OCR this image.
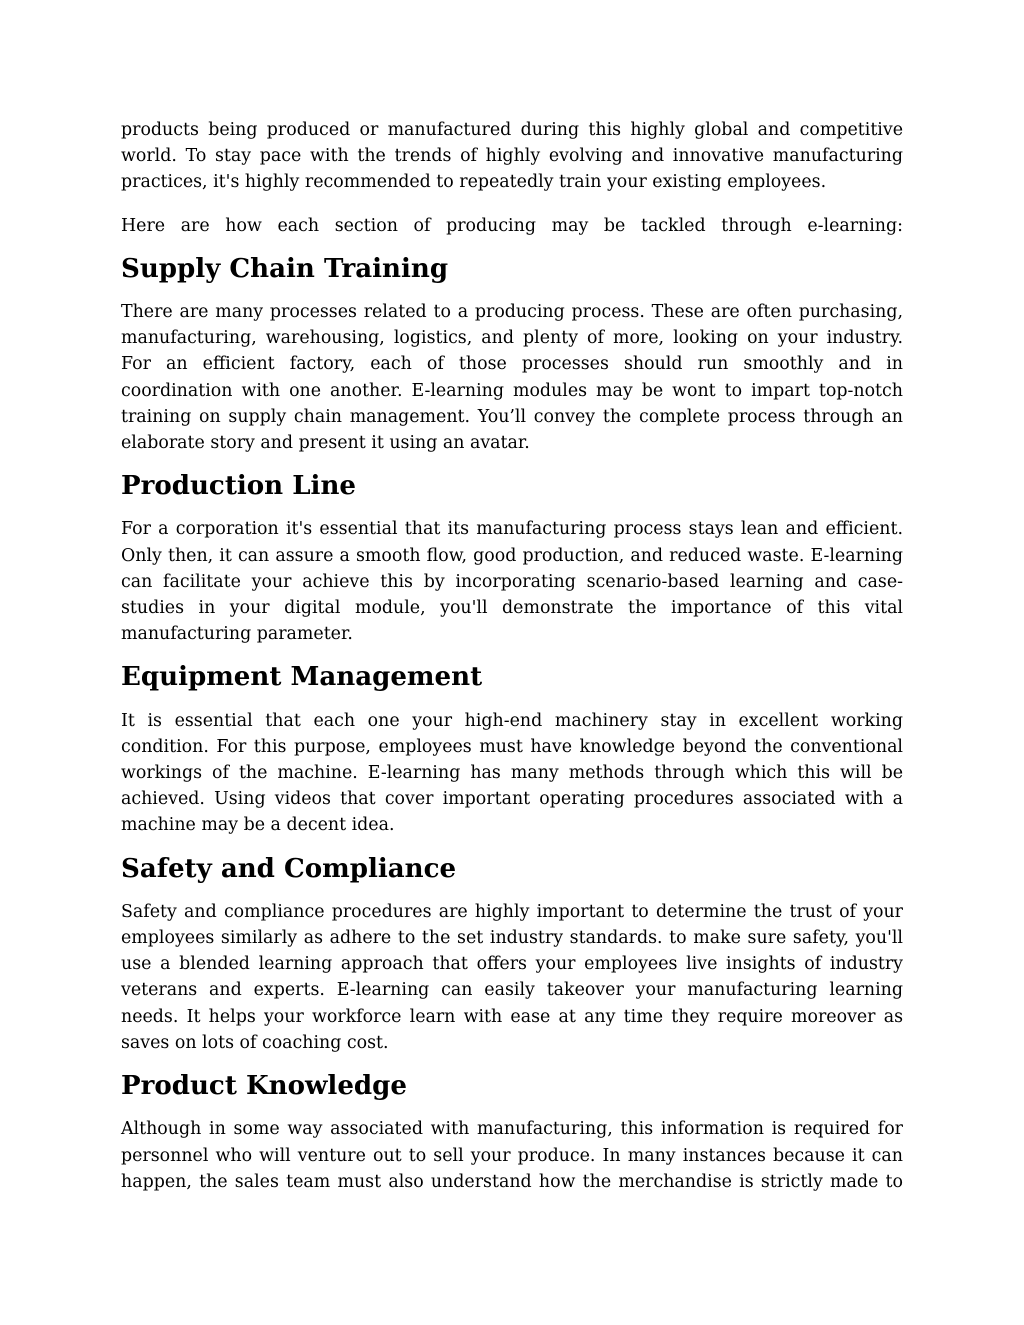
products being produced or manufactured during this highly global and competitive world. To stay pace with the trends of highly evolving and innovative manufacturing practices, it's highly recommended to repeatedly train your existing employees.

Here are how each section of producing may be tackled through e-learning:

Supply Chain Training

There are many processes related to a producing process. These are often purchasing, manufacturing, warehousing, logistics, and plenty of more, looking on your industry. For an efficient factory, each of those processes should run smoothly and in coordination with one another. E-learning modules may be wont to impart top-notch training on supply chain management. You’ll convey the complete process through an elaborate story and present it using an avatar.

Production Line

For a corporation it's essential that its manufacturing process stays lean and efficient. Only then, it can assure a smooth flow, good production, and reduced waste. E-learning can facilitate your achieve this by incorporating scenario-based learning and case-studies in your digital module, you'll demonstrate the importance of this vital manufacturing parameter.

Equipment Management

It is essential that each one your high-end machinery stay in excellent working condition. For this purpose, employees must have knowledge beyond the conventional workings of the machine. E-learning has many methods through which this will be achieved. Using videos that cover important operating procedures associated with a machine may be a decent idea.

Safety and Compliance

Safety and compliance procedures are highly important to determine the trust of your employees similarly as adhere to the set industry standards. to make sure safety, you'll use a blended learning approach that offers your employees live insights of industry veterans and experts. E-learning can easily takeover your manufacturing learning needs. It helps your workforce learn with ease at any time they require moreover as saves on lots of coaching cost.

Product Knowledge

Although in some way associated with manufacturing, this information is required for personnel who will venture out to sell your produce. In many instances because it can happen, the sales team must also understand how the merchandise is strictly made to
